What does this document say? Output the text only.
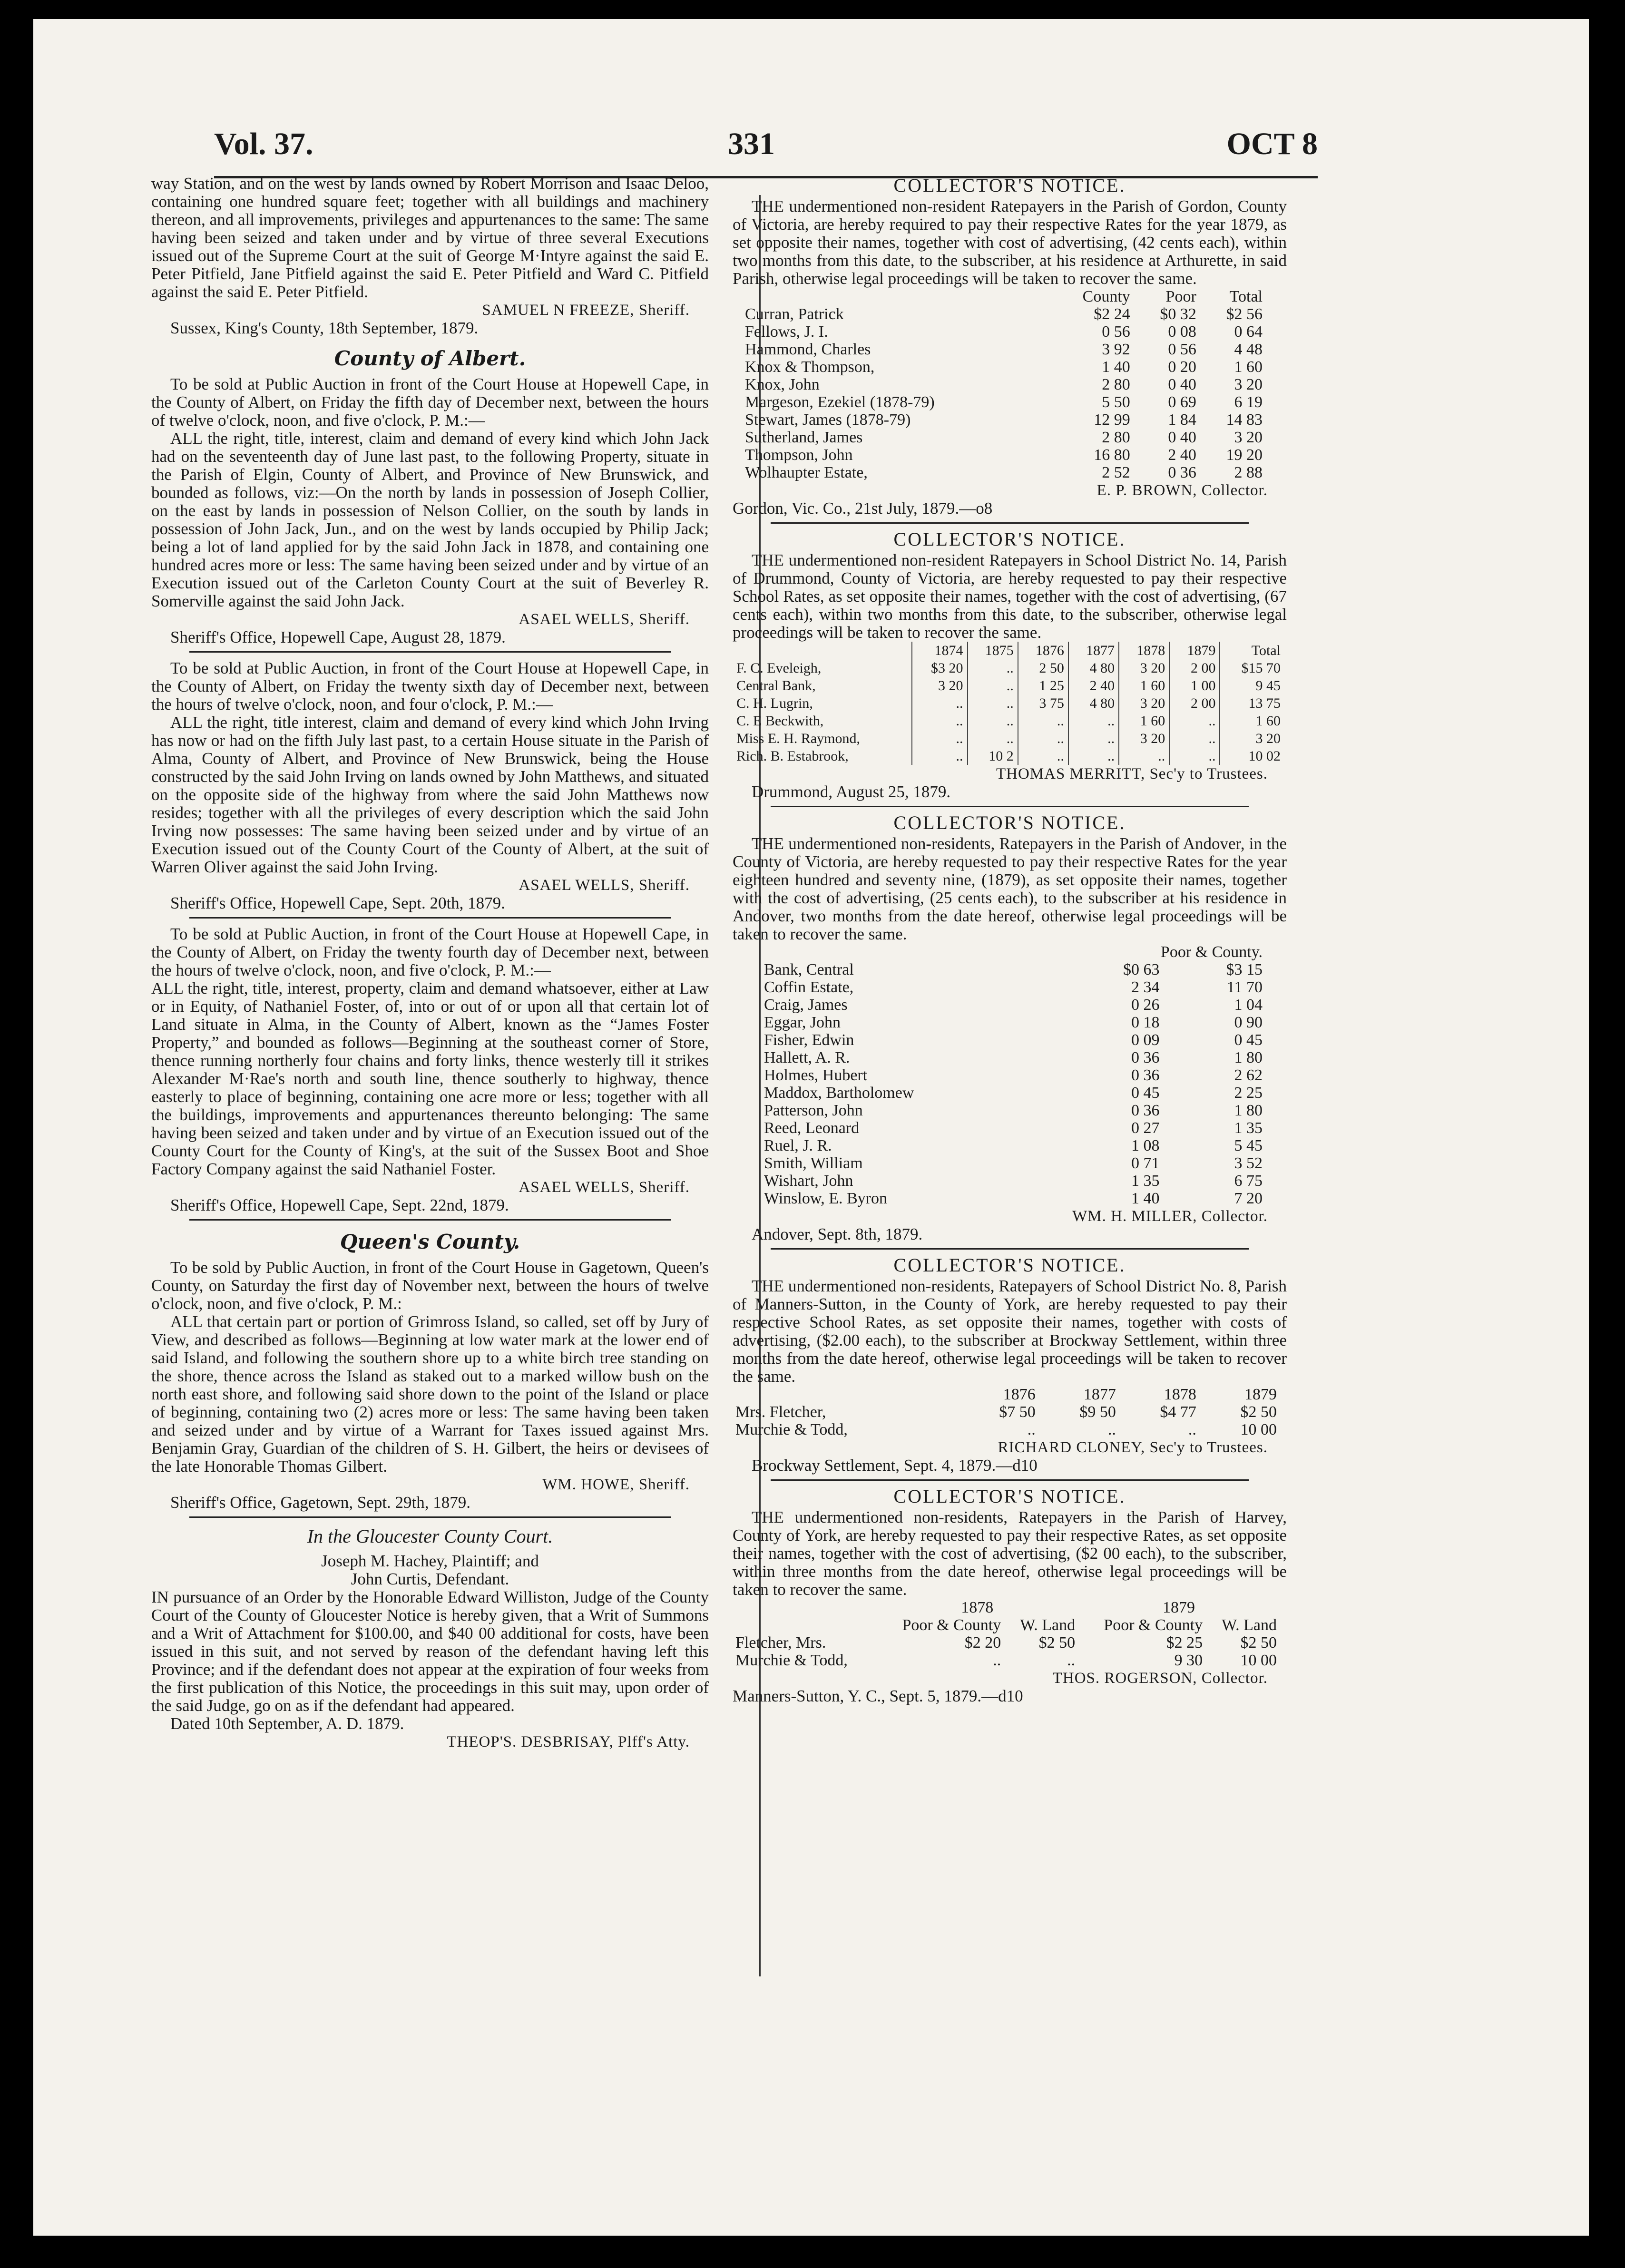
Vol. 37.	331	OCT 8

way Station, and on the west by lands owned by Robert Morrison and Isaac Deloo, containing one hundred square feet; together with all buildings and machinery thereon, and all improvements, privileges and appurtenances to the same: The same having been seized and taken under and by virtue of three several Executions issued out of the Supreme Court at the suit of George M·Intyre against the said E. Peter Pitfield, Jane Pitfield against the said E. Peter Pitfield and Ward C. Pitfield against the said E. Peter Pitfield.

SAMUEL N FREEZE, Sheriff.

Sussex, King's County, 18th September, 1879.

County of Albert.

To be sold at Public Auction in front of the Court House at Hopewell Cape, in the County of Albert, on Friday the fifth day of December next, between the hours of twelve o'clock, noon, and five o'clock, P. M.:—

ALL the right, title, interest, claim and demand of every kind which John Jack had on the seventeenth day of June last past, to the following Property, situate in the Parish of Elgin, County of Albert, and Province of New Brunswick, and bounded as follows, viz:—On the north by lands in possession of Joseph Collier, on the east by lands in possession of Nelson Collier, on the south by lands in possession of John Jack, Jun., and on the west by lands occupied by Philip Jack; being a lot of land applied for by the said John Jack in 1878, and containing one hundred acres more or less: The same having been seized under and by virtue of an Execution issued out of the Carleton County Court at the suit of Beverley R. Somerville against the said John Jack.

ASAEL WELLS, Sheriff.

Sheriff's Office, Hopewell Cape, August 28, 1879.

To be sold at Public Auction, in front of the Court House at Hopewell Cape, in the County of Albert, on Friday the twenty sixth day of December next, between the hours of twelve o'clock, noon, and four o'clock, P. M.:—

ALL the right, title interest, claim and demand of every kind which John Irving has now or had on the fifth July last past, to a certain House situate in the Parish of Alma, County of Albert, and Province of New Brunswick, being the House constructed by the said John Irving on lands owned by John Matthews, and situated on the opposite side of the highway from where the said John Matthews now resides; together with all the privileges of every description which the said John Irving now possesses: The same having been seized under and by virtue of an Execution issued out of the County Court of the County of Albert, at the suit of Warren Oliver against the said John Irving.

ASAEL WELLS, Sheriff.

Sheriff's Office, Hopewell Cape, Sept. 20th, 1879.

To be sold at Public Auction, in front of the Court House at Hopewell Cape, in the County of Albert, on Friday the twenty fourth day of December next, between the hours of twelve o'clock, noon, and five o'clock, P. M.:—

ALL the right, title, interest, property, claim and demand whatsoever, either at Law or in Equity, of Nathaniel Foster, of, into or out of or upon all that certain lot of Land situate in Alma, in the County of Albert, known as the “James Foster Property,” and bounded as follows—Beginning at the southeast corner of Store, thence running northerly four chains and forty links, thence westerly till it strikes Alexander M·Rae's north and south line, thence southerly to highway, thence easterly to place of beginning, containing one acre more or less; together with all the buildings, improvements and appurtenances thereunto belonging: The same having been seized and taken under and by virtue of an Execution issued out of the County Court for the County of King's, at the suit of the Sussex Boot and Shoe Factory Company against the said Nathaniel Foster.

ASAEL WELLS, Sheriff.

Sheriff's Office, Hopewell Cape, Sept. 22nd, 1879.

Queen's County.

To be sold by Public Auction, in front of the Court House in Gagetown, Queen's County, on Saturday the first day of November next, between the hours of twelve o'clock, noon, and five o'clock, P. M.:

ALL that certain part or portion of Grimross Island, so called, set off by Jury of View, and described as follows—Beginning at low water mark at the lower end of said Island, and following the southern shore up to a white birch tree standing on the shore, thence across the Island as staked out to a marked willow bush on the north east shore, and following said shore down to the point of the Island or place of beginning, containing two (2) acres more or less: The same having been taken and seized under and by virtue of a Warrant for Taxes issued against Mrs. Benjamin Gray, Guardian of the children of S. H. Gilbert, the heirs or devisees of the late Honorable Thomas Gilbert.

WM. HOWE, Sheriff.

Sheriff's Office, Gagetown, Sept. 29th, 1879.

In the Gloucester County Court.

Joseph M. Hachey, Plaintiff; and

John Curtis, Defendant.

IN pursuance of an Order by the Honorable Edward Williston, Judge of the County Court of the County of Gloucester Notice is hereby given, that a Writ of Summons and a Writ of Attachment for $100.00, and $40 00 additional for costs, have been issued in this suit, and not served by reason of the defendant having left this Province; and if the defendant does not appear at the expiration of four weeks from the first publication of this Notice, the proceedings in this suit may, upon order of the said Judge, go on as if the defendant had appeared.

Dated 10th September, A. D. 1879.

THEOP'S. DESBRISAY, Plff's Atty.

COLLECTOR'S NOTICE.

THE undermentioned non-resident Ratepayers in the Parish of Gordon, County of Victoria, are hereby required to pay their respective Rates for the year 1879, as set opposite their names, together with cost of advertising, (42 cents each), within two months from this date, to the subscriber, at his residence at Arthurette, in said Parish, otherwise legal proceedings will be taken to recover the same.

	County	Poor	Total
Curran, Patrick	$2 24	$0 32	$2 56
Fellows, J. I.	0 56	0 08	0 64
Hammond, Charles	3 92	0 56	4 48
Knox & Thompson,	1 40	0 20	1 60
Knox, John	2 80	0 40	3 20
Margeson, Ezekiel (1878-79)	5 50	0 69	6 19
Stewart, James (1878-79)	12 99	1 84	14 83
Sutherland, James	2 80	0 40	3 20
Thompson, John	16 80	2 40	19 20
Wolhaupter Estate,	2 52	0 36	2 88

E. P. BROWN, Collector.

Gordon, Vic. Co., 21st July, 1879.—o8

COLLECTOR'S NOTICE.

THE undermentioned non-resident Ratepayers in School District No. 14, Parish of Drummond, County of Victoria, are hereby requested to pay their respective School Rates, as set opposite their names, together with the cost of advertising, (67 cents each), within two months from this date, to the subscriber, otherwise legal proceedings will be taken to recover the same.

	1874	1875	1876	1877	1878	1879	Total
F. C. Eveleigh,	$3 20	..	2 50	4 80	3 20	2 00	$15 70
Central Bank,	3 20	..	1 25	2 40	1 60	1 00	9 45
C. H. Lugrin,	..	..	3 75	4 80	3 20	2 00	13 75
C. E Beckwith,	..	..	..	..	1 60	..	1 60
Miss E. H. Raymond,	..	..	..	..	3 20	..	3 20
Rich. B. Estabrook,	..	10 2	..	..	..	..	10 02

THOMAS MERRITT, Sec'y to Trustees.

Drummond, August 25, 1879.

COLLECTOR'S NOTICE.

THE undermentioned non-residents, Ratepayers in the Parish of Andover, in the County of Victoria, are hereby requested to pay their respective Rates for the year eighteen hundred and seventy nine, (1879), as set opposite their names, together with the cost of advertising, (25 cents each), to the subscriber at his residence in Andover, two months from the date hereof, otherwise legal proceedings will be taken to recover the same.

	Poor & County.	
Bank, Central	$0 63	$3 15
Coffin Estate,	2 34	11 70
Craig, James	0 26	1 04
Eggar, John	0 18	0 90
Fisher, Edwin	0 09	0 45
Hallett, A. R.	0 36	1 80
Holmes, Hubert	0 36	2 62
Maddox, Bartholomew	0 45	2 25
Patterson, John	0 36	1 80
Reed, Leonard	0 27	1 35
Ruel, J. R.	1 08	5 45
Smith, William	0 71	3 52
Wishart, John	1 35	6 75
Winslow, E. Byron	1 40	7 20

WM. H. MILLER, Collector.

Andover, Sept. 8th, 1879.

COLLECTOR'S NOTICE.

THE undermentioned non-residents, Ratepayers of School District No. 8, Parish of Manners-Sutton, in the County of York, are hereby requested to pay their respective School Rates, as set opposite their names, together with costs of advertising, ($2.00 each), to the subscriber at Brockway Settlement, within three months from the date hereof, otherwise legal proceedings will be taken to recover the same.

	1876	1877	1878	1879
Mrs. Fletcher,	$7 50	$9 50	$4 77	$2 50
Murchie & Todd,	..	..	..	10 00

RICHARD CLONEY, Sec'y to Trustees.

Brockway Settlement, Sept. 4, 1879.—d10

COLLECTOR'S NOTICE.

THE undermentioned non-residents, Ratepayers in the Parish of Harvey, County of York, are hereby requested to pay their respective Rates, as set opposite their names, together with the cost of advertising, ($2 00 each), to the subscriber, within three months from the date hereof, otherwise legal proceedings will be taken to recover the same.

	1878		1879	
	Poor & County	W. Land	Poor & County	W. Land
Fletcher, Mrs.	$2 20	$2 50	$2 25	$2 50
Murchie & Todd,	..	..	9 30	10 00

THOS. ROGERSON, Collector.

Manners-Sutton, Y. C., Sept. 5, 1879.—d10
